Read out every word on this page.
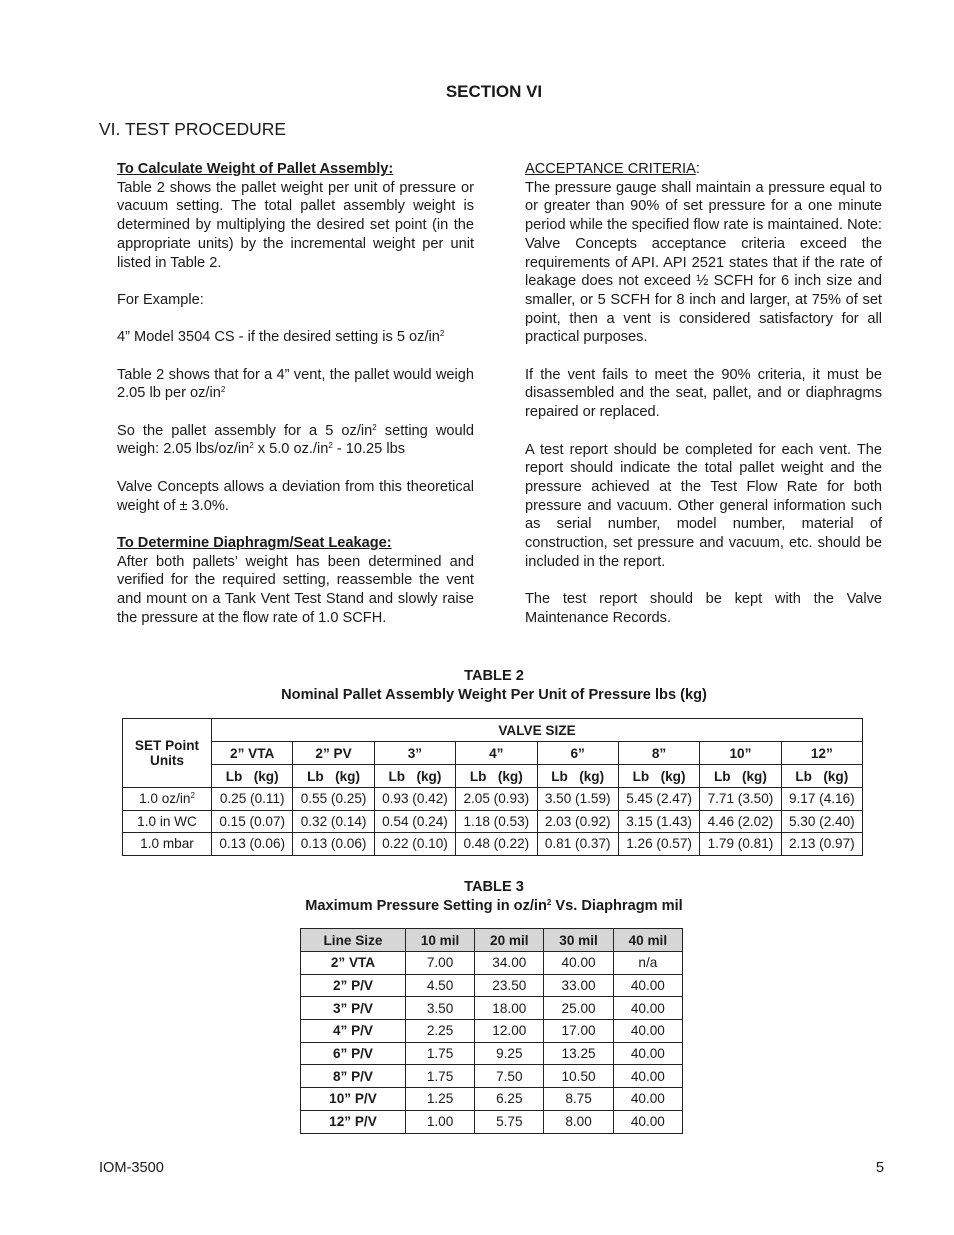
SECTION VI
VI. TEST PROCEDURE

To Calculate Weight of Pallet Assembly:

Table 2 shows the pallet weight per unit of pressure or vacuum setting. The total pallet assembly weight is determined by multiplying the desired set point (in the appropriate units) by the incremental weight per unit listed in Table 2.

For Example:

4” Model 3504 CS - if the desired setting is 5 $oz/in^2$

Table 2 shows that for a 4” vent, the pallet would weigh 2.05 lb per $oz/in^2$

So the pallet assembly for a 5 $oz/in^2$ setting would weigh: 2.05 lbs/$oz/in^2$ x 5.0 $oz./in^2 - 10.25$ lbs

Valve Concepts allows a deviation from this theoretical weight of ± 3.0%.

To Determine Diaphragm/Seat Leakage:

After both pallets’ weight has been determined and verified for the required setting, reassemble the vent and mount on a Tank Vent Test Stand and slowly raise the pressure at the flow rate of 1.0 SCFH.

ACCEPTANCE CRITERIA:

The pressure gauge shall maintain a pressure equal to or greater than 90% of set pressure for a one minute period while the specified flow rate is maintained. Note: Valve Concepts acceptance criteria exceed the requirements of API. API 2521 states that if the rate of leakage does not exceed ½ SCFH for 6 inch size and smaller, or 5 SCFH for 8 inch and larger, at 75% of set point, then a vent is considered satisfactory for all practical purposes.

If the vent fails to meet the 90% criteria, it must be disassembled and the seat, pallet, and or diaphragms repaired or replaced.

A test report should be completed for each vent. The report should indicate the total pallet weight and the pressure achieved at the Test Flow Rate for both pressure and vacuum. Other general information such as serial number, model number, material of construction, set pressure and vacuum, etc. should be included in the report.

The test report should be kept with the Valve Maintenance Records.

TABLE 2
Nominal Pallet Assembly Weight Per Unit of Pressure lbs (kg)
SET Point Units	VALVE SIZE							
	2” VTA	2” PV	3”	4”	6”	8”	10”	12”
	Lb   (kg)	Lb   (kg)	Lb   (kg)	Lb   (kg)	Lb   (kg)	Lb   (kg)	Lb   (kg)	Lb   (kg)
1.0 $oz/in^2$	0.25 (0.11)	0.55 (0.25)	0.93 (0.42)	2.05 (0.93)	3.50 (1.59)	5.45 (2.47)	7.71 (3.50)	9.17 (4.16)
1.0 in WC	0.15 (0.07)	0.32 (0.14)	0.54 (0.24)	1.18 (0.53)	2.03 (0.92)	3.15 (1.43)	4.46 (2.02)	5.30 (2.40)
1.0 mbar	0.13 (0.06)	0.13 (0.06)	0.22 (0.10)	0.48 (0.22)	0.81 (0.37)	1.26 (0.57)	1.79 (0.81)	2.13 (0.97)
TABLE 3
Maximum Pressure Setting in $oz/in^2$ Vs. Diaphragm mil
Line Size	10 mil	20 mil	30 mil	40 mil
2” VTA	7.00	34.00	40.00	n/a
2” P/V	4.50	23.50	33.00	40.00
3” P/V	3.50	18.00	25.00	40.00
4” P/V	2.25	12.00	17.00	40.00
6” P/V	1.75	9.25	13.25	40.00
8” P/V	1.75	7.50	10.50	40.00
10” P/V	1.25	6.25	8.75	40.00
12” P/V	1.00	5.75	8.00	40.00
IOM-3500	5
